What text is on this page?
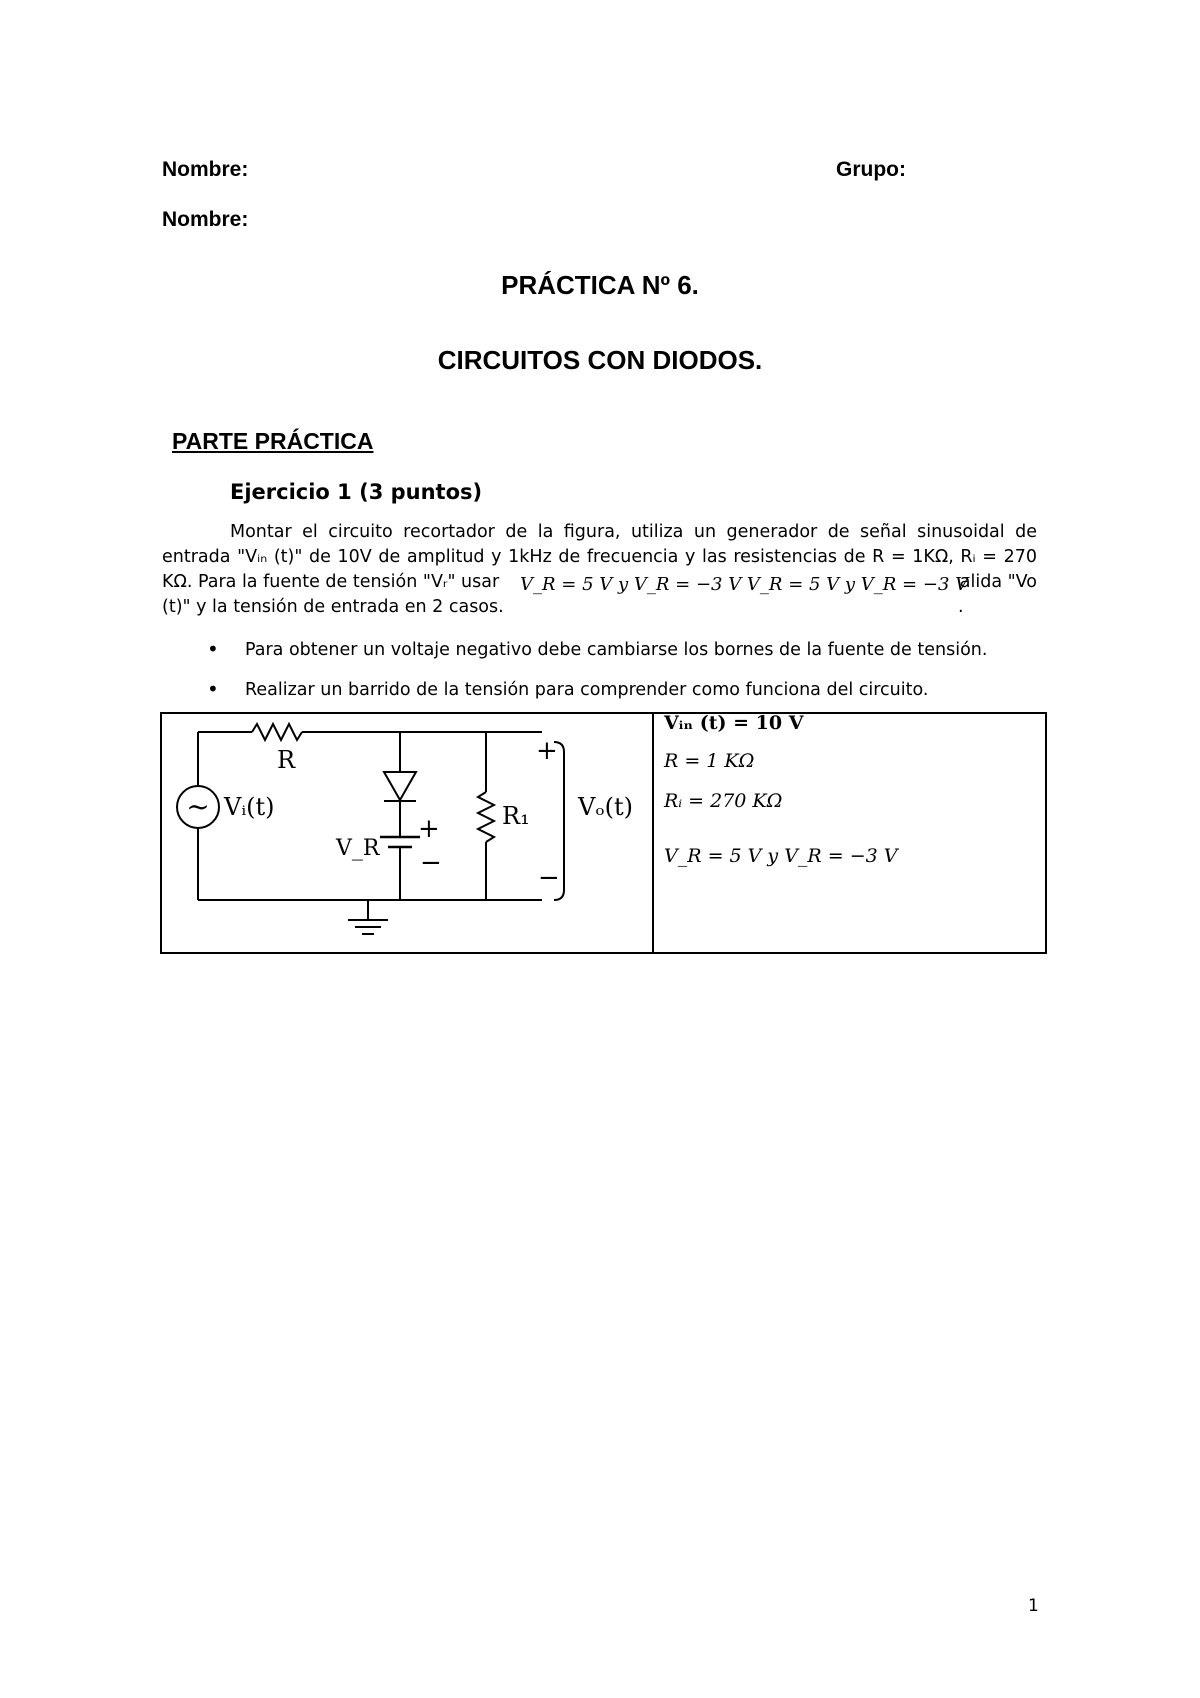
Nombre:	Grupo:
Nombre:
PRÁCTICA Nº 6.
CIRCUITOS CON DIODOS.
PARTE PRÁCTICA
Ejercicio 1 (3 puntos)
Montar el circuito recortador de la figura, utiliza un generador de señal sinusoidal de
entrada "Vᵢₙ (t)" de 10V de amplitud y 1kHz de frecuencia y las resistencias de R = 1KΩ, Rᵢ = 270
KΩ. Para la fuente de tensión "Vᵣ" usar V_R = 5 V y V_R = −3 V V_R = 5 V y V_R = −3 V
alida "Vo
(t)" y la tensión de entrada en 2 casos.	.
• Para obtener un voltaje negativo debe cambiarse los bornes de la fuente de tensión.
• Realizar un barrido de la tensión para comprender como funciona del circuito.
~
R
Vᵢ(t)
V_R
R₁ Vₒ(t)
+
−
+
−
Vᵢₙ (t) = 10 V
R = 1 KΩ
Rᵢ = 270 KΩ
V_R = 5 V y V_R = −3 V
1
